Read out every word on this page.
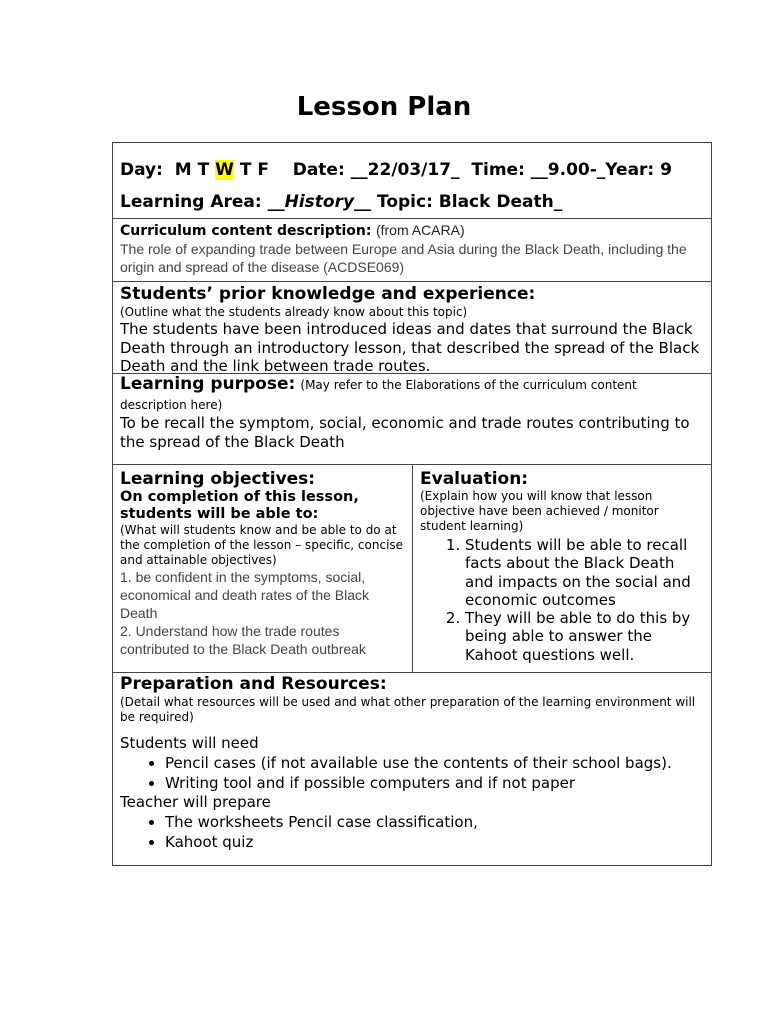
Lesson Plan
Day: M T W T F Date: __22/03/17_ Time: __9.00-_Year: 9
Learning Area: __History__ Topic: Black Death_
Curriculum content description: (from ACARA)
The role of expanding trade between Europe and Asia during the Black Death, including the origin and spread of the disease (ACDSE069)
Students’ prior knowledge and experience:
(Outline what the students already know about this topic)
The students have been introduced ideas and dates that surround the Black Death through an introductory lesson, that described the spread of the Black Death and the link between trade routes.
Learning purpose: (May refer to the Elaborations of the curriculum content description here)
To be recall the symptom, social, economic and trade routes contributing to the spread of the Black Death
Learning objectives:
On completion of this lesson, students will be able to:
(What will students know and be able to do at the completion of the lesson – specific, concise and attainable objectives)
1. be confident in the symptoms, social, economical and death rates of the Black Death
2. Understand how the trade routes contributed to the Black Death outbreak
Evaluation:
(Explain how you will know that lesson objective have been achieved / monitor student learning)
1. Students will be able to recall facts about the Black Death and impacts on the social and economic outcomes
2. They will be able to do this by being able to answer the Kahoot questions well.
Preparation and Resources:
(Detail what resources will be used and what other preparation of the learning environment will be required)
Students will need
• Pencil cases (if not available use the contents of their school bags).
• Writing tool and if possible computers and if not paper
Teacher will prepare
• The worksheets Pencil case classification,
• Kahoot quiz
